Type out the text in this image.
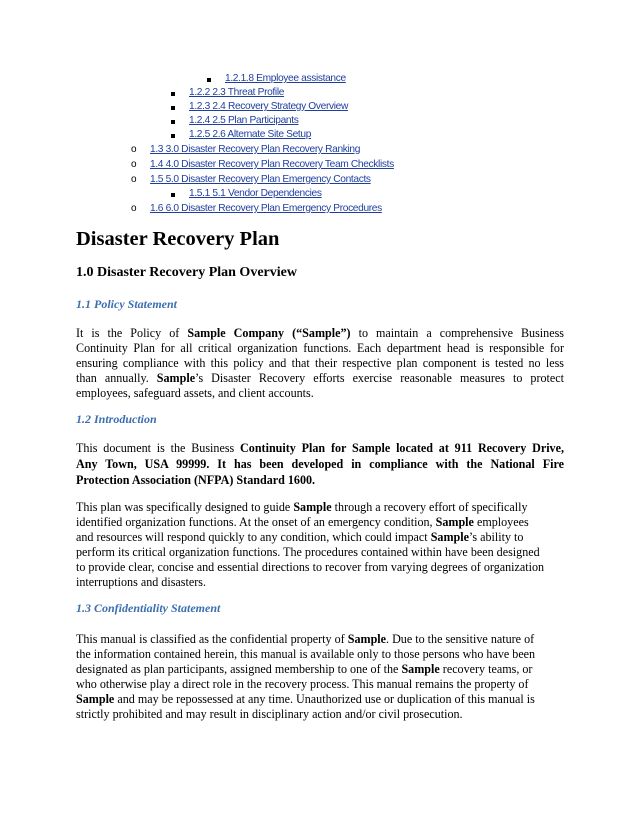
1.2.1.8 Employee assistance
1.2.2 2.3 Threat Profile
1.2.3 2.4 Recovery Strategy Overview
1.2.4 2.5 Plan Participants
1.2.5 2.6 Alternate Site Setup
o 1.3 3.0 Disaster Recovery Plan Recovery Ranking
o 1.4 4.0 Disaster Recovery Plan Recovery Team Checklists
o 1.5 5.0 Disaster Recovery Plan Emergency Contacts
1.5.1 5.1 Vendor Dependencies
o 1.6 6.0 Disaster Recovery Plan Emergency Procedures
Disaster Recovery Plan
1.0 Disaster Recovery Plan Overview
1.1 Policy Statement
It is the Policy of Sample Company (“Sample”) to maintain a comprehensive Business
Continuity Plan for all critical organization functions. Each department head is responsible for
ensuring compliance with this policy and that their respective plan component is tested no less
than annually. Sample’s Disaster Recovery efforts exercise reasonable measures to protect
employees, safeguard assets, and client accounts.
1.2 Introduction
This document is the Business Continuity Plan for Sample located at 911 Recovery Drive,
Any Town, USA 99999. It has been developed in compliance with the National Fire
Protection Association (NFPA) Standard 1600.
This plan was specifically designed to guide Sample through a recovery effort of specifically
identified organization functions. At the onset of an emergency condition, Sample employees
and resources will respond quickly to any condition, which could impact Sample’s ability to
perform its critical organization functions. The procedures contained within have been designed
to provide clear, concise and essential directions to recover from varying degrees of organization
interruptions and disasters.
1.3 Confidentiality Statement
This manual is classified as the confidential property of Sample. Due to the sensitive nature of
the information contained herein, this manual is available only to those persons who have been
designated as plan participants, assigned membership to one of the Sample recovery teams, or
who otherwise play a direct role in the recovery process. This manual remains the property of
Sample and may be repossessed at any time. Unauthorized use or duplication of this manual is
strictly prohibited and may result in disciplinary action and/or civil prosecution.
